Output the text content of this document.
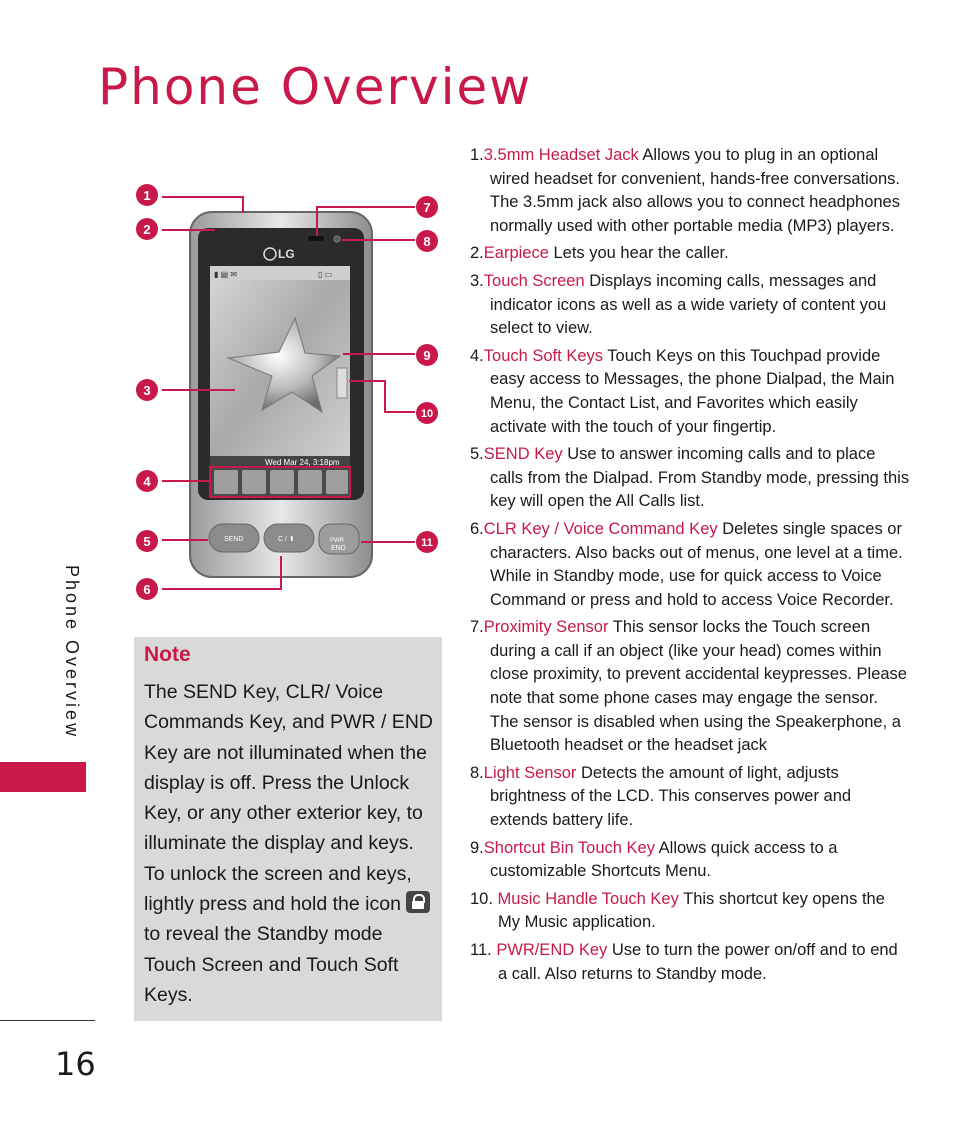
Phone Overview
Phone Overview
16
LG
▮ ▤ ✉	▯ ▭
Wed Mar 24, 3:18pm
SEND	C / ⬆	PWR
END
1
2
3
4
5
6
7
8
9
10
11

Note

The SEND Key, CLR/ Voice Commands Key, and PWR / END Key are not illuminated when the display is off. Press the Unlock Key, or any other exterior key, to illuminate the display and keys. To unlock the screen and keys, lightly press and hold the icon  to reveal the Standby mode Touch Screen and Touch Soft Keys.

1.3.5mm Headset Jack Allows you to plug in an optional wired headset for convenient, hands-free conversations. The 3.5mm jack also allows you to connect headphones normally used with other portable media (MP3) players.
2.Earpiece Lets you hear the caller.
3.Touch Screen Displays incoming calls, messages and indicator icons as well as a wide variety of content you select to view.
4.Touch Soft Keys Touch Keys on this Touchpad provide easy access to Messages, the phone Dialpad, the Main Menu, the Contact List, and Favorites which easily activate with the touch of your fingertip.
5.SEND Key Use to answer incoming calls and to place calls from the Dialpad. From Standby mode, pressing this key will open the All Calls list.
6.CLR Key / Voice Command Key Deletes single spaces or characters. Also backs out of menus, one level at a time. While in Standby mode, use for quick access to Voice Command or press and hold to access Voice Recorder.
7.Proximity Sensor This sensor locks the Touch screen during a call if an object (like your head) comes within close proximity, to prevent accidental keypresses. Please note that some phone cases may engage the sensor. The sensor is disabled when using the Speakerphone, a Bluetooth headset or the headset jack
8.Light Sensor Detects the amount of light, adjusts brightness of the LCD. This conserves power and extends battery life.
9.Shortcut Bin Touch Key Allows quick access to a customizable Shortcuts Menu.
10. Music Handle Touch Key This shortcut key opens the My Music application.
11. PWR/END Key Use to turn the power on/off and to end a call. Also returns to Standby mode.
